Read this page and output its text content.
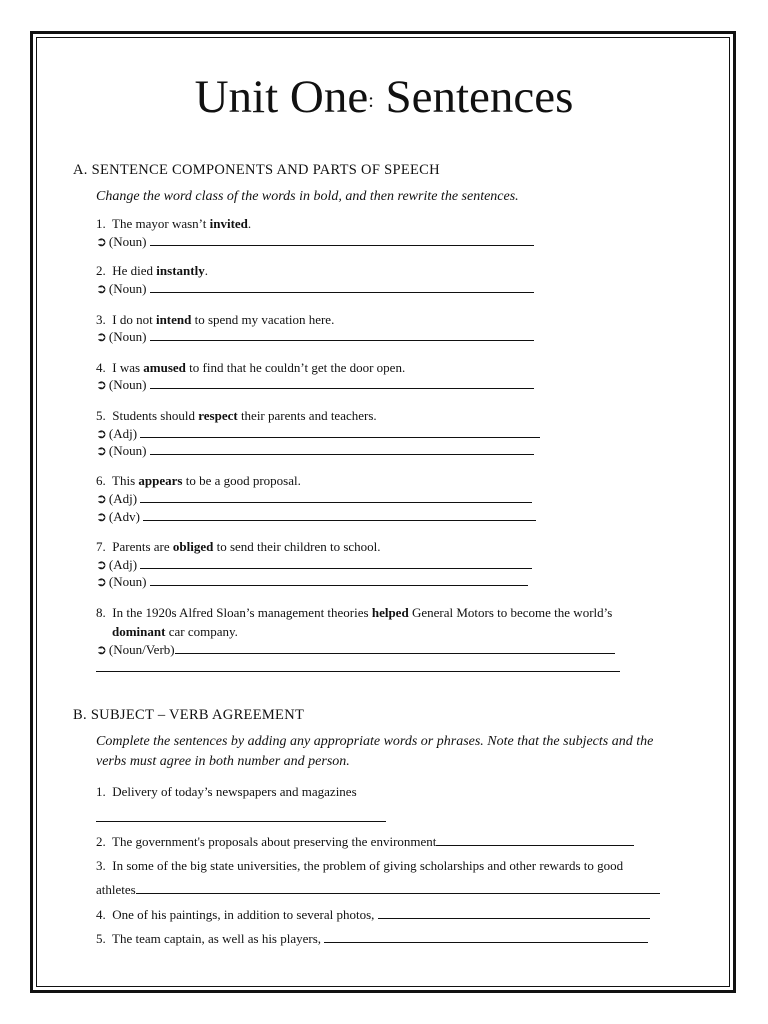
Unit One: Sentences
A. SENTENCE COMPONENTS AND PARTS OF SPEECH
Change the word class of the words in bold, and then rewrite the sentences.
1. The mayor wasn’t invited.
➲ (Noun)
2. He died instantly.
➲ (Noun)
3. I do not intend to spend my vacation here.
➲ (Noun)
4. I was amused to find that he couldn’t get the door open.
➲ (Noun)
5. Students should respect their parents and teachers.
➲ (Adj)
➲ (Noun)
6. This appears to be a good proposal.
➲ (Adj)
➲ (Adv)
7. Parents are obliged to send their children to school.
➲ (Adj)
➲ (Noun)
8. In the 1920s Alfred Sloan’s management theories helped General Motors to become the world’s
dominant car company.
➲ (Noun/Verb)
B. SUBJECT – VERB AGREEMENT
Complete the sentences by adding any appropriate words or phrases. Note that the subjects and the verbs must agree in both number and person.
1. Delivery of today’s newspapers and magazines
2. The government's proposals about preserving the environment
3. In some of the big state universities, the problem of giving scholarships and other rewards to good
athletes
4. One of his paintings, in addition to several photos,
5. The team captain, as well as his players,
